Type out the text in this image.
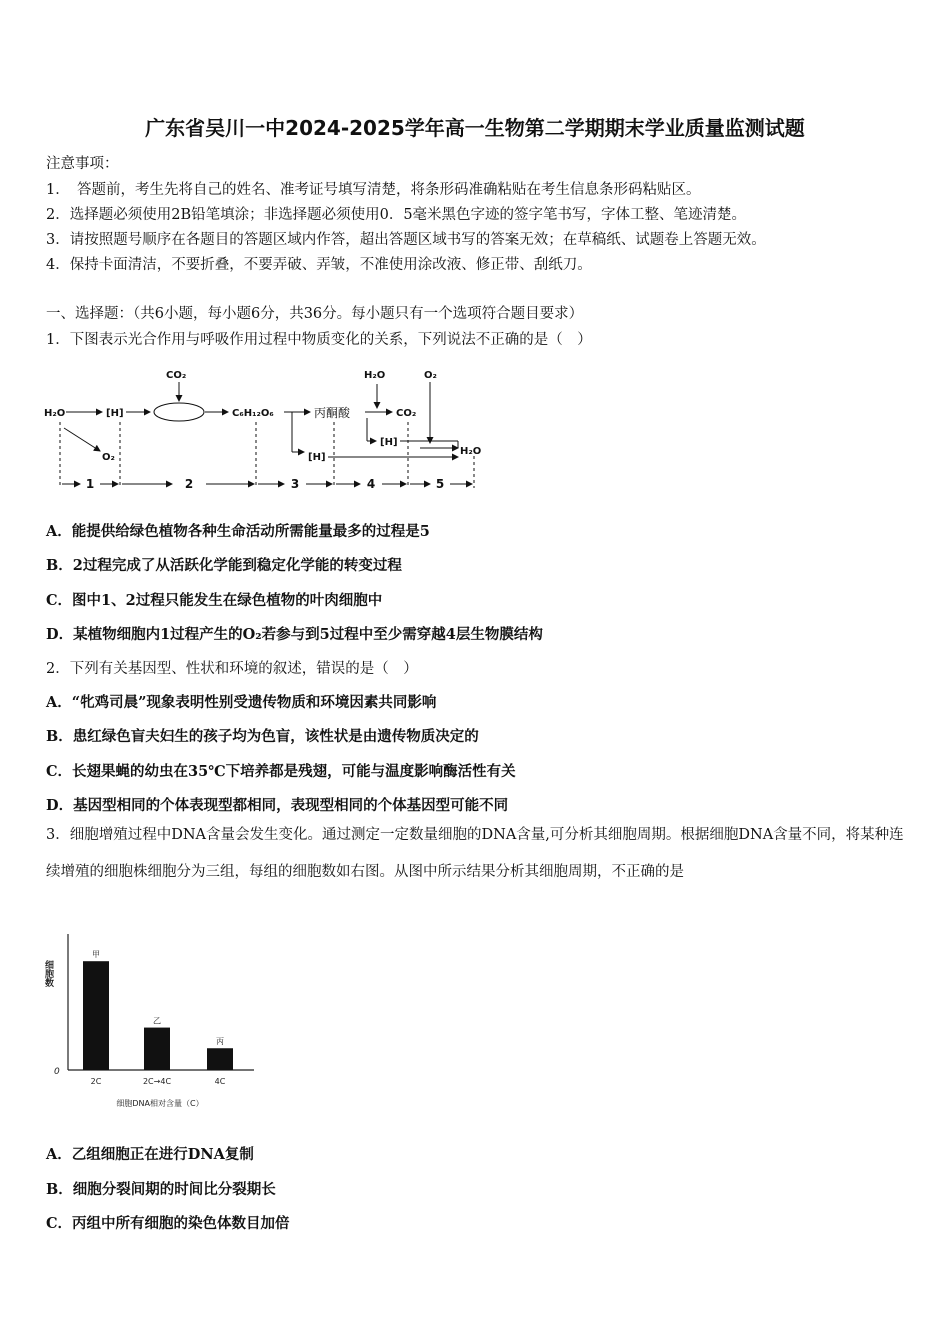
广东省吴川一中2024-2025学年高一生物第二学期期末学业质量监测试题
注意事项：
1．　答题前，考生先将自己的姓名、准考证号填写清楚，将条形码准确粘贴在考生信息条形码粘贴区。
2．选择题必须使用2B铅笔填涂；非选择题必须使用0．5毫米黑色字迹的签字笔书写，字体工整、笔迹清楚。
3．请按照题号顺序在各题目的答题区域内作答，超出答题区域书写的答案无效；在草稿纸、试题卷上答题无效。
4．保持卡面清洁，不要折叠，不要弄破、弄皱，不准使用涂改液、修正带、刮纸刀。
一、选择题：（共6小题，每小题6分，共36分。每小题只有一个选项符合题目要求）
1．下图表示光合作用与呼吸作用过程中物质变化的关系，下列说法不正确的是（　）
H₂O	[H]
CO₂
C₆H₁₂O₆
O₂
H₂O	O₂
CO₂
[H]
[H]
H₂O
丙酮酸
1	2	3	4	5
A．能提供给绿色植物各种生命活动所需能量最多的过程是5
B．2过程完成了从活跃化学能到稳定化学能的转变过程
C．图中1、2过程只能发生在绿色植物的叶肉细胞中
D．某植物细胞内1过程产生的O₂若参与到5过程中至少需穿越4层生物膜结构
2．下列有关基因型、性状和环境的叙述，错误的是（　）
A．“牝鸡司晨”现象表明性别受遗传物质和环境因素共同影响
B．患红绿色盲夫妇生的孩子均为色盲，该性状是由遗传物质决定的
C．长翅果蝇的幼虫在35℃下培养都是残翅，可能与温度影响酶活性有关
D．基因型相同的个体表现型都相同，表现型相同的个体基因型可能不同
3．细胞增殖过程中DNA含量会发生变化。通过测定一定数量细胞的DNA含量,可分析其细胞周期。根据细胞DNA含量不同，将某种连续增殖的细胞株细胞分为三组，每组的细胞数如右图。从图中所示结果分析其细胞周期，不正确的是
细胞数
0
细胞DNA相对含量（C）
甲
2C
乙
2C→4C
丙
4C
A．乙组细胞正在进行DNA复制
B．细胞分裂间期的时间比分裂期长
C．丙组中所有细胞的染色体数目加倍
